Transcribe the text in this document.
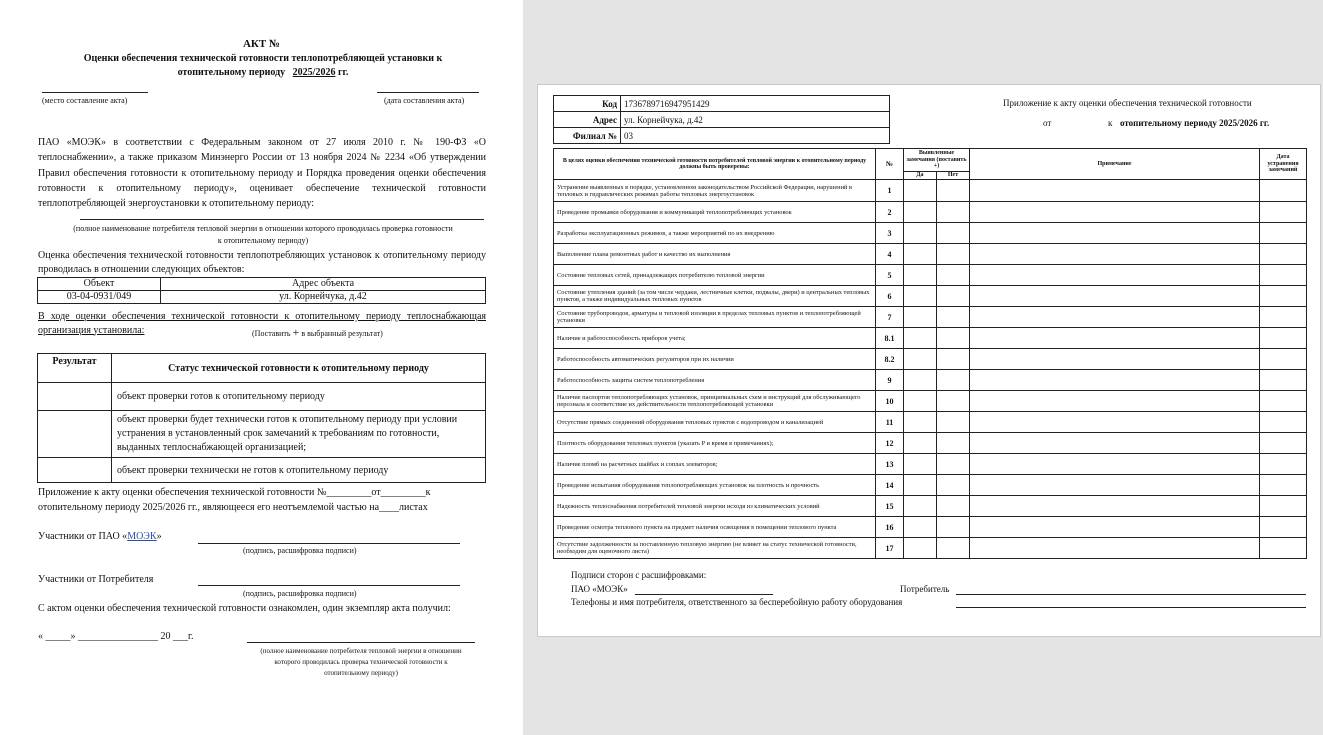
АКТ №
Оценки обеспечения технической готовности теплопотребляющей установки к
отопительному периоду 2025/2026 гг.
(место составление акта)	(дата составления акта)
ПАО «МОЭК» в соответствии с Федеральным законом от 27 июля 2010 г. № 190-ФЗ «О теплоснабжении», а также приказом Минэнерго России от 13 ноября 2024 № 2234 «Об утверждении Правил обеспечения готовности к отопительному периоду и Порядка проведения оценки обеспечения готовности к отопительному периоду», оценивает обеспечение технической готовности теплопотребляющей энергоустановки к отопительному периоду:
(полное наименование потребителя тепловой энергии в отношении которого проводилась проверка готовности
к отопительному периоду)
Оценка обеспечения технической готовности теплопотребляющих установок к отопительному периоду проводилась в отношении следующих объектов:
Объект	Адрес объекта
03-04-0931/049	ул. Корнейчука, д.42
В ходе оценки обеспечения технической готовности к отопительному периоду теплоснабжающая организация установила:	(Поставить + в выбранный результат)
Результат	Статус технической готовности к отопительному периоду
	объект проверки готов к отопительному периоду
	объект проверки будет технически готов к отопительному периоду при условии устранения в установленный срок замечаний к требованиям по готовности, выданных теплоснабжающей организацией;
	объект проверки технически не готов к отопительному периоду
Приложение к акту оценки обеспечения технической готовности №_________от_________к
отопительному периоду 2025/2026 гг., являющееся его неотъемлемой частью на____листах
Участники от ПАО «МОЭК»
(подпись, расшифровка подписи)
Участники от Потребителя
(подпись, расшифровка подписи)
С актом оценки обеспечения технической готовности ознакомлен, один экземпляр акта получил:
« _____» ________________ 20 ___г.
(полное наименование потребителя тепловой энергии в отношении
которого проводилась проверка технической готовности к
отопительному периоду)
Код	17367897169479514​29
Адрес	ул. Корнейчука, д.42
Филиал №	03
Приложение к акту оценки обеспечения технической готовности
от	к отопительному периоду 2025/2026 гг.
В целях оценки обеспечения технической готовности потребителей тепловой энергии к отопительному периоду должны быть проверены:	№	Выявленные замечания (поставить +)		Примечание	Дата устранения замечаний
		Да	Нет		
Устранение выявленных в порядке, установленном законодательством Российской Федерации, нарушений в тепловых и гидравлических режимах работы тепловых энергоустановок	1				
Проведение промывки оборудования и коммуникаций теплопотребляющих установок	2				
Разработка эксплуатационных режимов, а также мероприятий по их внедрению	3				
Выполнение плана ремонтных работ и качество их выполнения	4				
Состояние тепловых сетей, принадлежащих потребителю тепловой энергии	5				
Состояние утепления зданий (за том числе чердаки, лестничные клетки, подвалы, двери) и центральных тепловых пунктов, а также индивидуальных тепловых пунктов	6				
Состояние трубопроводов, арматуры и тепловой изоляции в пределах тепловых пунктов и теплопотребляющей установки	7				
Наличие и работоспособность приборов учета;	8.1				
Работоспособность автоматических регуляторов при их наличии	8.2				
Работоспособность защиты систем теплопотребления	9				
Наличие паспортов теплопотребляющих установок, принципиальных схем и инструкций для обслуживающего персонала и соответствие их действительности теплопотребляющей установки	10				
Отсутствие прямых соединений оборудования тепловых пунктов с водопроводом и канализацией	11				
Плотность оборудования тепловых пунктов (указать P и время в примечаниях);	12				
Наличие пломб на расчетных шайбах и соплах элеваторов;	13				
Проведение испытания оборудования теплопотребляющих установок на плотность и прочность	14				
Надежность теплоснабжения потребителей тепловой энергии исходя из климатических условий	15				
Проведение осмотра теплового пункта на предмет наличия освещения в помещении теплового пункта	16				
Отсутствие задолженности за поставленную тепловую энергию (не влияет на статус технической готовности, необходим для оценочного листа)	17				
Подписи сторон с расшифровками:
ПАО «МОЭК»	Потребитель
Телефоны и имя потребителя, ответственного за бесперебойную работу оборудования
